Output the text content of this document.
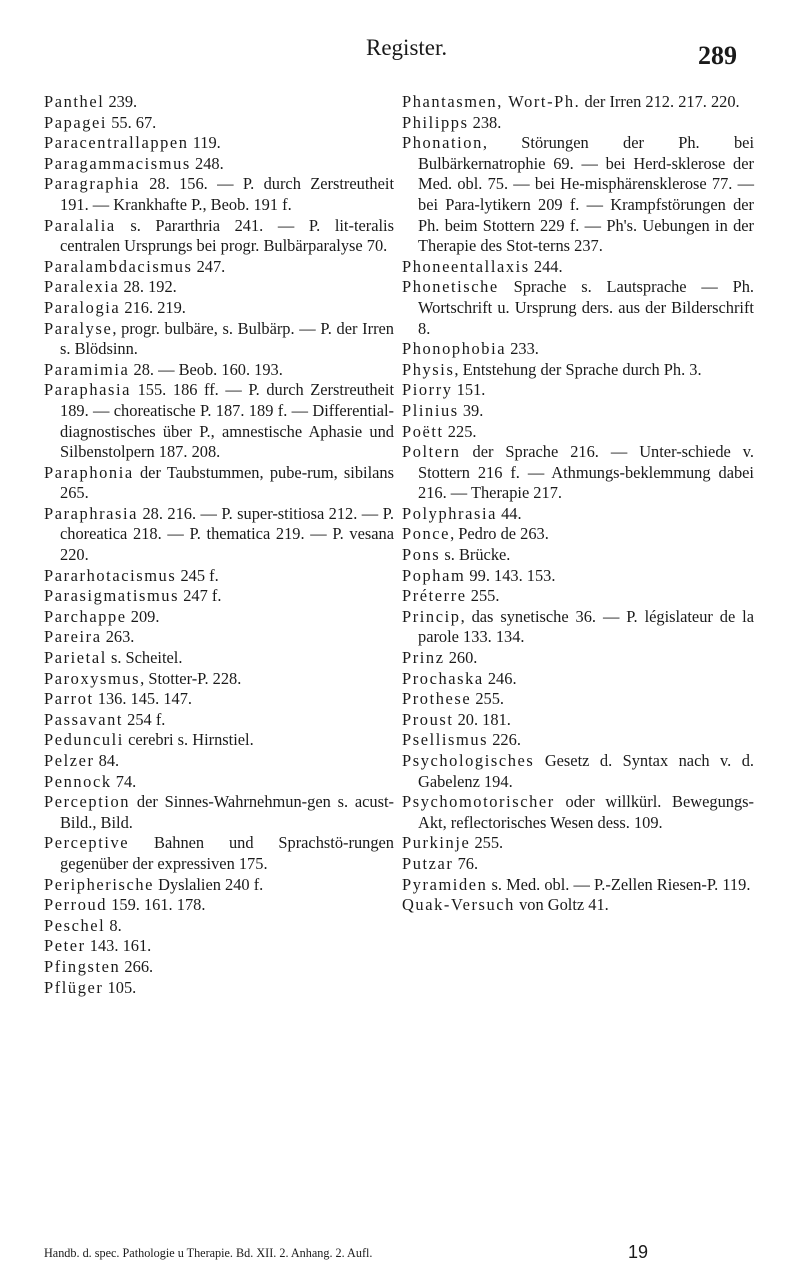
Register.	289
Panthel 239.
Papagei 55. 67.
Paracentrallappen 119.
Paragammacismus 248.
Paragraphia 28. 156. — P. durch Zerstreutheit 191. — Krankhafte P., Beob. 191 f.
Paralalia s. Pararthria 241. — P. lit-teralis centralen Ursprungs bei progr. Bulbärparalyse 70.
Paralambdacismus 247.
Paralexia 28. 192.
Paralogia 216. 219.
Paralyse, progr. bulbäre, s. Bulbärp. — P. der Irren s. Blödsinn.
Paramimia 28. — Beob. 160. 193.
Paraphasia 155. 186 ff. — P. durch Zerstreutheit 189. — choreatische P. 187. 189 f. — Differential-diagnostisches über P., amnestische Aphasie und Silbenstolpern 187. 208.
Paraphonia der Taubstummen, pube-rum, sibilans 265.
Paraphrasia 28. 216. — P. super-stitiosa 212. — P. choreatica 218. — P. thematica 219. — P. vesana 220.
Pararhotacismus 245 f.
Parasigmatismus 247 f.
Parchappe 209.
Pareira 263.
Parietal s. Scheitel.
Paroxysmus, Stotter-P. 228.
Parrot 136. 145. 147.
Passavant 254 f.
Pedunculi cerebri s. Hirnstiel.
Pelzer 84.
Pennock 74.
Perception der Sinnes-Wahrnehmun-gen s. acust-Bild., Bild.
Perceptive Bahnen und Sprachstö-rungen gegenüber der expressiven 175.
Peripherische Dyslalien 240 f.
Perroud 159. 161. 178.
Peschel 8.
Peter 143. 161.
Pfingsten 266.
Pflüger 105.
Phantasmen, Wort-Ph. der Irren 212. 217. 220.
Philipps 238.
Phonation, Störungen der Ph. bei Bulbärkernatrophie 69. — bei Herd-sklerose der Med. obl. 75. — bei He-misphärensklerose 77. — bei Para-lytikern 209 f. — Krampfstörungen der Ph. beim Stottern 229 f. — Ph's. Uebungen in der Therapie des Stot-terns 237.
Phoneentallaxis 244.
Phonetische Sprache s. Lautsprache — Ph. Wortschrift u. Ursprung ders. aus der Bilderschrift 8.
Phonophobia 233.
Physis, Entstehung der Sprache durch Ph. 3.
Piorry 151.
Plinius 39.
Poëtt 225.
Poltern der Sprache 216. — Unter-schiede v. Stottern 216 f. — Athmungs-beklemmung dabei 216. — Therapie 217.
Polyphrasia 44.
Ponce, Pedro de 263.
Pons s. Brücke.
Popham 99. 143. 153.
Préterre 255.
Princip, das synetische 36. — P. législateur de la parole 133. 134.
Prinz 260.
Prochaska 246.
Prothese 255.
Proust 20. 181.
Psellismus 226.
Psychologisches Gesetz d. Syntax nach v. d. Gabelenz 194.
Psychomotorischer oder willkürl. Bewegungs-Akt, reflectorisches Wesen dess. 109.
Purkinje 255.
Putzar 76.
Pyramiden s. Med. obl. — P.-Zellen Riesen-P. 119.
Quak-Versuch von Goltz 41.
Handb. d. spec. Pathologie u Therapie. Bd. XII. 2. Anhang. 2. Aufl.	19
